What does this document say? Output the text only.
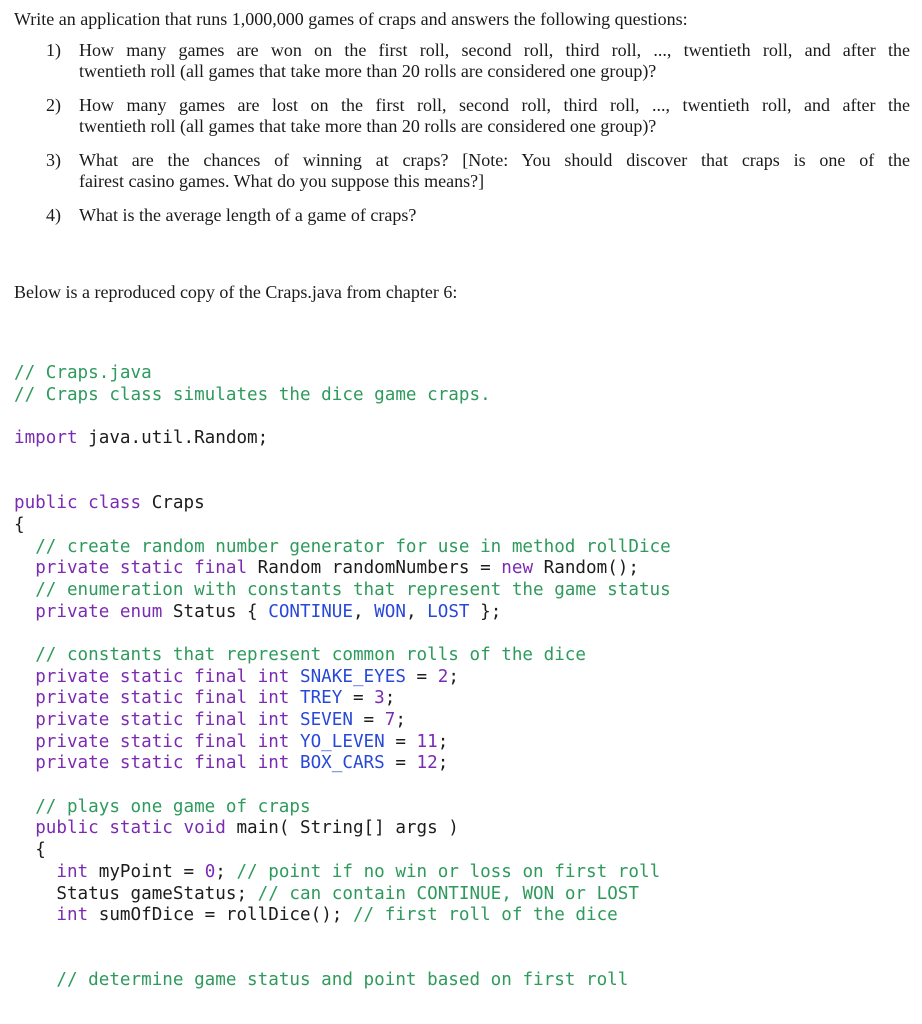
Write an application that runs 1,000,000 games of craps and answers the following questions:
1) How many games are won on the first roll, second roll, third roll, ..., twentieth roll, and after the
twentieth roll (all games that take more than 20 rolls are considered one group)?
2) How many games are lost on the first roll, second roll, third roll, ..., twentieth roll, and after the
twentieth roll (all games that take more than 20 rolls are considered one group)?
3) What are the chances of winning at craps? [Note: You should discover that craps is one of the
fairest casino games. What do you suppose this means?]
4) What is the average length of a game of craps?
Below is a reproduced copy of the Craps.java from chapter 6:
// Craps.java
// Craps class simulates the dice game craps.
import java.util.Random;
public class Craps
{
// create random number generator for use in method rollDice
private static final Random randomNumbers = new Random();
// enumeration with constants that represent the game status
private enum Status { CONTINUE, WON, LOST };
// constants that represent common rolls of the dice
private static final int SNAKE_EYES = 2;
private static final int TREY = 3;
private static final int SEVEN = 7;
private static final int YO_LEVEN = 11;
private static final int BOX_CARS = 12;
// plays one game of craps
public static void main( String[] args )
{
int myPoint = 0; // point if no win or loss on first roll
Status gameStatus; // can contain CONTINUE, WON or LOST
int sumOfDice = rollDice(); // first roll of the dice
// determine game status and point based on first roll
